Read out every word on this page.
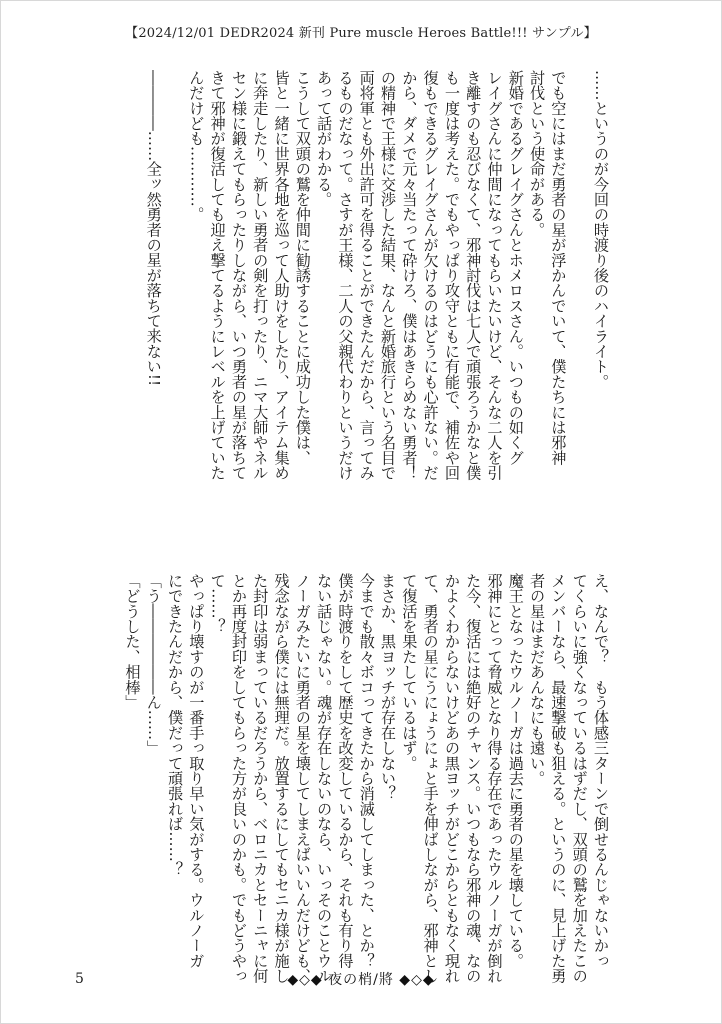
【2024/12/01 DEDR2024 新刊 Pure muscle Heroes Battle!!! サンプル】

……というのが今回の時渡り後のハイライト。

でも空にはまだ勇者の星が浮かんでいて、僕たちには邪神

討伐という使命がある。

新婚であるグレイグさんとホメロスさん。いつもの如くグ

レイグさんに仲間になってもらいたいけど、そんな二人を引

き離すのも忍びなくて、邪神討伐は七人で頑張ろうかなと僕

も一度は考えた。でもやっぱり攻守ともに有能で、補佐や回

復もできるグレイグさんが欠けるのはどうにも心許ない。だ

から、ダメで元々当たって砕けろ、僕はあきらめない勇者！

の精神で王様に交渉した結果、なんと新婚旅行という名目で

両将軍とも外出許可を得ることができたんだから、言ってみ

るものだなって。さすが王様、二人の父親代わりというだけ

あって話がわかる。

こうして双頭の鷲を仲間に勧誘することに成功した僕は、

皆と一緒に世界各地を巡って人助けをしたり、アイテム集め

に奔走したり、新しい勇者の剣を打ったり、ニマ大師やネル

セン様に鍛えてもらったりしながら、いつ勇者の星が落ちて

きて邪神が復活しても迎え撃てるようにレベルを上げていた

んだけども…………。

――――……全ッ然勇者の星が落ちて来ない!!

え、なんで？　もう体感三ターンで倒せるんじゃないかっ

てくらいに強くなっているはずだし、双頭の鷲を加えたこの

メンバーなら、最速撃破も狙える。というのに、見上げた勇

者の星はまだあんなにも遠い。

魔王となったウルノーガは過去に勇者の星を壊している。

邪神にとって脅威となり得る存在であったウルノーガが倒れ

た今、復活には絶好のチャンス。いつもなら邪神の魂、なの

かよくわからないけどあの黒ヨッチがどこからともなく現れ

て、勇者の星にうにょうにょと手を伸ばしながら、邪神とし

て復活を果たしているはず。

まさか、黒ヨッチが存在しない？

今までも散々ボコってきたから消滅してしまった、とか？

僕が時渡りをして歴史を改変しているから、それも有り得

ない話じゃない。魂が存在しないのなら、いっそのことウル

ノーガみたいに勇者の星を壊してしまえばいいんだけども、

残念ながら僕には無理だ。放置するにしてもセニカ様が施し

た封印は弱まっているだろうから、ベロニカとセーニャに何

とか再度封印をしてもらった方が良いのかも。でもどうやっ

て……？

やっぱり壊すのが一番手っ取り早い気がする。ウルノーガ

にできたんだから、僕だって頑張れば……？

「う――――――ん……」

「どうした、相棒」

5	◆◇◆ 夜の梢/將 ◆◇◆
